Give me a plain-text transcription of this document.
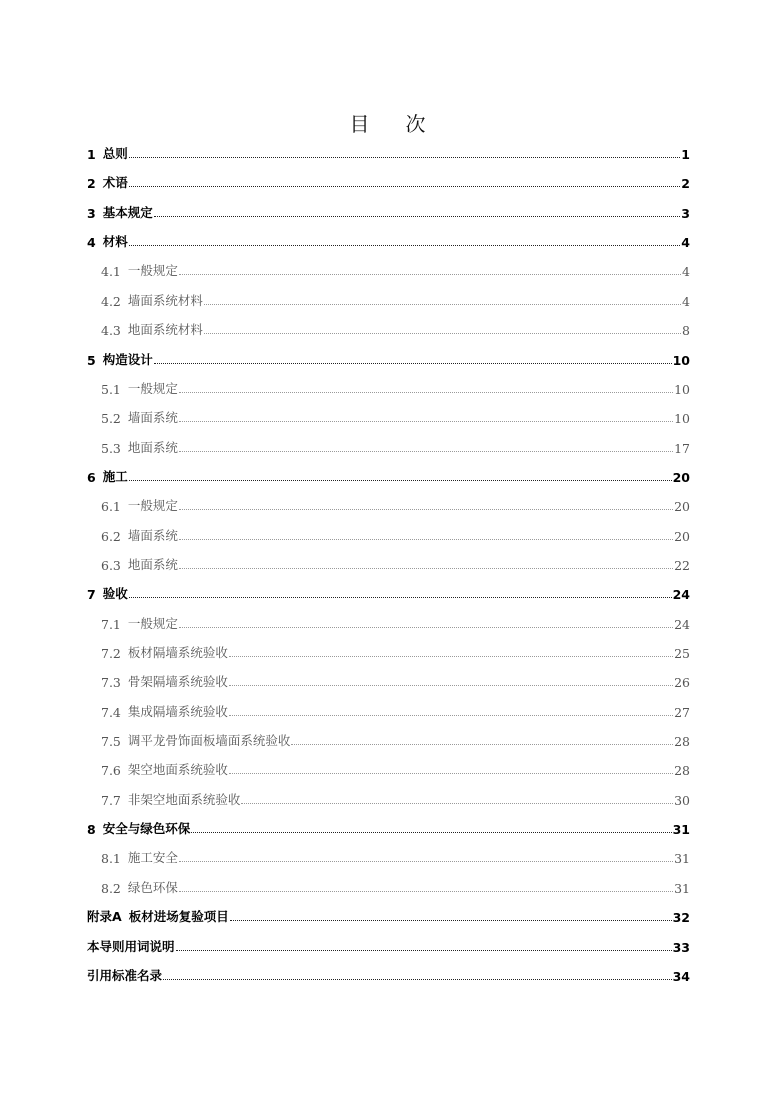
目 次
1 总则	1
2 术语	2
3 基本规定	3
4 材料	4
4.1 一般规定	4
4.2 墙面系统材料	4
4.3 地面系统材料	8
5 构造设计	10
5.1 一般规定	10
5.2 墙面系统	10
5.3 地面系统	17
6 施工	20
6.1 一般规定	20
6.2 墙面系统	20
6.3 地面系统	22
7 验收	24
7.1 一般规定	24
7.2 板材隔墙系统验收	25
7.3 骨架隔墙系统验收	26
7.4 集成隔墙系统验收	27
7.5 调平龙骨饰面板墙面系统验收	28
7.6 架空地面系统验收	28
7.7 非架空地面系统验收	30
8 安全与绿色环保	31
8.1 施工安全	31
8.2 绿色环保	31
附录A 板材进场复验项目	32
本导则用词说明	33
引用标准名录	34
